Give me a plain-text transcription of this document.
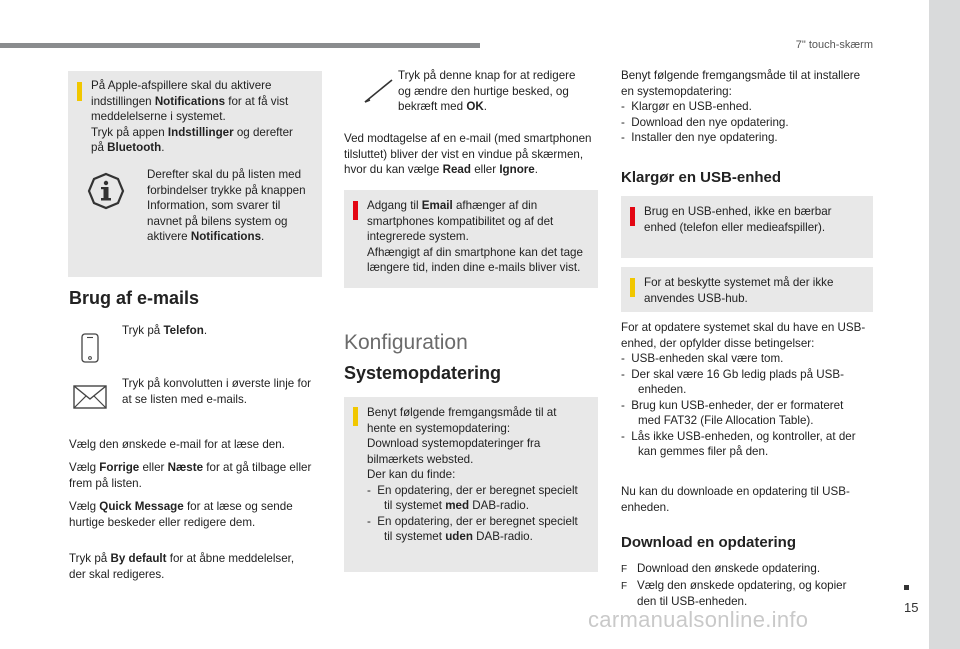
7" touch-skærm
15
carmanualsonline.info
På Apple-afspillere skal du aktivere
indstillingen Notifications for at få vist
meddelelserne i systemet.
Tryk på appen Indstillinger og derefter
på Bluetooth.
Derefter skal du på listen med
forbindelser trykke på knappen
Information, som svarer til
navnet på bilens system og
aktivere Notifications.
Brug af e-mails
Tryk på Telefon.
Tryk på konvolutten i øverste linje for
at se listen med e-mails.
Vælg den ønskede e-mail for at læse den.
Vælg Forrige eller Næste for at gå tilbage eller
frem på listen.
Vælg Quick Message for at læse og sende
hurtige beskeder eller redigere dem.
Tryk på By default for at åbne meddelelser,
der skal redigeres.
Tryk på denne knap for at redigere
og ændre den hurtige besked, og
bekræft med OK.
Ved modtagelse af en e-mail (med smartphonen
tilsluttet) bliver der vist en vindue på skærmen,
hvor du kan vælge Read eller Ignore.
Adgang til Email afhænger af din
smartphones kompatibilitet og af det
integrerede system.
Afhængigt af din smartphone kan det tage
længere tid, inden dine e-mails bliver vist.
Konfiguration
Systemopdatering
Benyt følgende fremgangsmåde til at
hente en systemopdatering:
Download systemopdateringer fra
bilmærkets websted.
Der kan du finde:
-  En opdatering, der er beregnet specielt
til systemet med DAB-radio.
-  En opdatering, der er beregnet specielt
til systemet uden DAB-radio.
Benyt følgende fremgangsmåde til at installere
en systemopdatering:
-  Klargør en USB-enhed.
-  Download den nye opdatering.
-  Installer den nye opdatering.
Klargør en USB-enhed
Brug en USB-enhed, ikke en bærbar
enhed (telefon eller medieafspiller).
For at beskytte systemet må der ikke
anvendes USB-hub.
For at opdatere systemet skal du have en USB-
enhed, der opfylder disse betingelser:
-  USB-enheden skal være tom.
-  Der skal være 16 Gb ledig plads på USB-
enheden.
-  Brug kun USB-enheder, der er formateret
med FAT32 (File Allocation Table).
-  Lås ikke USB-enheden, og kontroller, at der
kan gemmes filer på den.
Nu kan du downloade en opdatering til USB-
enheden.
Download en opdatering
F Download den ønskede opdatering.
F Vælg den ønskede opdatering, og kopier
den til USB-enheden.
